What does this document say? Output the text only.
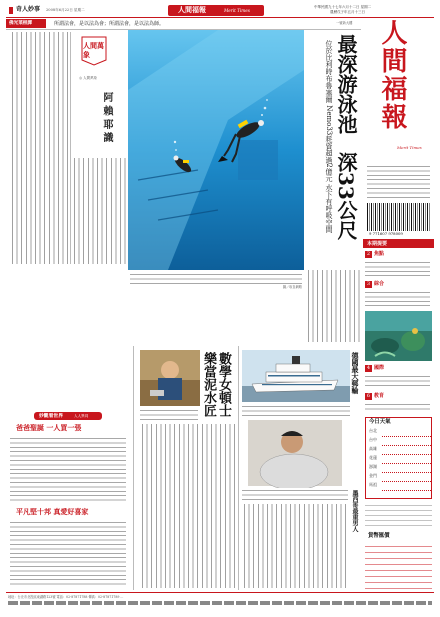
奇人妙事 2008年6月22日 星期二	人間福報	Merit Times
中華民國九十七年六月十二日 星期二
農曆戊子年五月十三日
佛光菜根譚	所謂法會，是以法為會；所謂法會，是以法為師。	一號新大樓
人間萬象
◎ 人間萬象
阿 賴 耶 識
圖／取自網路
最深游泳池
深33公尺
位於比利時布魯塞爾 Nemo33耗資超過2億元 水下有呼吸空間 人間福報
Merit Times
9 771607 978009
本期提要
2 焦點
3 綜合
4 國際
6 教育
今日天氣
台北
台中
高雄
花蓮
澎湖
金門
馬祖
貨幣匯價
妙觀看世界	人人異同
爸爸聖誕 一人買一張
平凡堅十邦 真愛好喜家
數學女頓士
樂當泥水匠	德國最大郵輪
墨西哥最重男人
地址：台北市北投區東湖路123號 電話：02-87871788 傳真：02-87871789 ...
